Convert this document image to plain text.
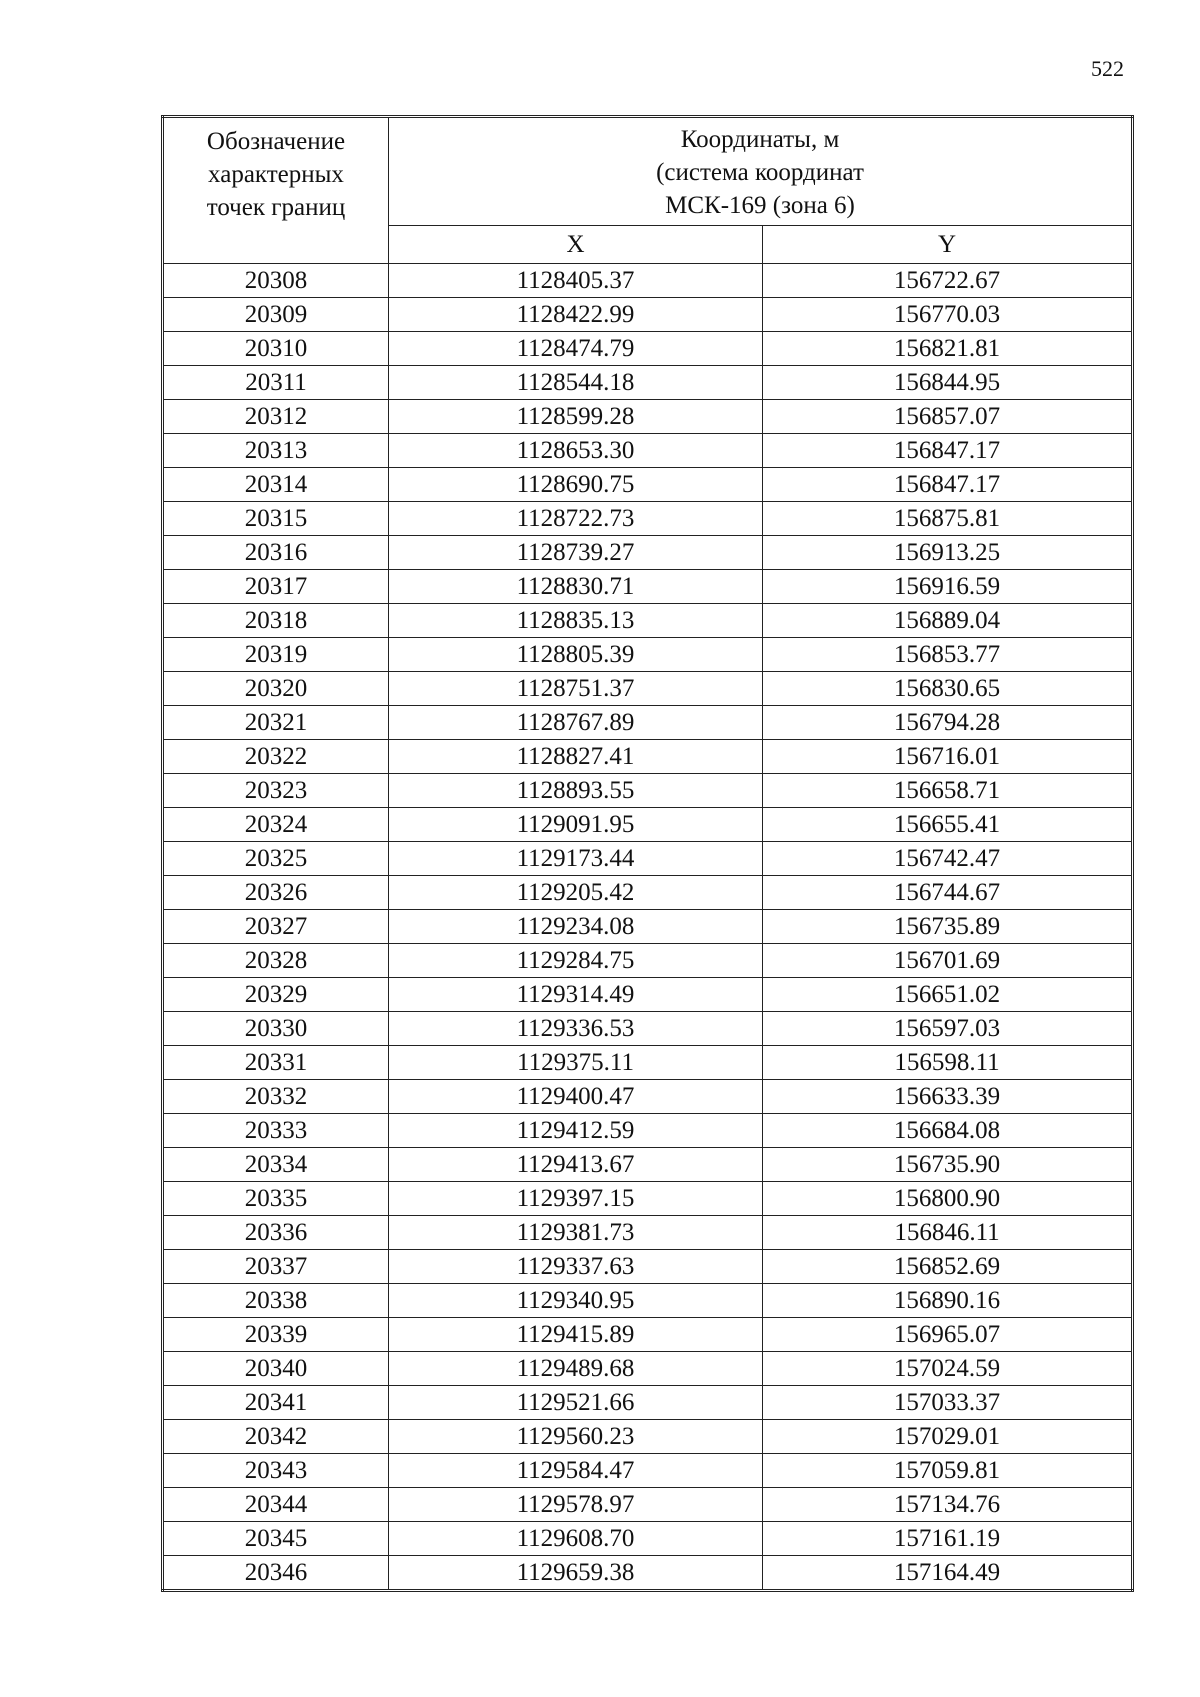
522
Обозначение
характерных
точек границ	Координаты, м
(система координат
МСК-169 (зона 6)	

	X	Y
20308	1128405.37	156722.67
20309	1128422.99	156770.03
20310	1128474.79	156821.81
20311	1128544.18	156844.95
20312	1128599.28	156857.07
20313	1128653.30	156847.17
20314	1128690.75	156847.17
20315	1128722.73	156875.81
20316	1128739.27	156913.25
20317	1128830.71	156916.59
20318	1128835.13	156889.04
20319	1128805.39	156853.77
20320	1128751.37	156830.65
20321	1128767.89	156794.28
20322	1128827.41	156716.01
20323	1128893.55	156658.71
20324	1129091.95	156655.41
20325	1129173.44	156742.47
20326	1129205.42	156744.67
20327	1129234.08	156735.89
20328	1129284.75	156701.69
20329	1129314.49	156651.02
20330	1129336.53	156597.03
20331	1129375.11	156598.11
20332	1129400.47	156633.39
20333	1129412.59	156684.08
20334	1129413.67	156735.90
20335	1129397.15	156800.90
20336	1129381.73	156846.11
20337	1129337.63	156852.69
20338	1129340.95	156890.16
20339	1129415.89	156965.07
20340	1129489.68	157024.59
20341	1129521.66	157033.37
20342	1129560.23	157029.01
20343	1129584.47	157059.81
20344	1129578.97	157134.76
20345	1129608.70	157161.19
20346	1129659.38	157164.49
